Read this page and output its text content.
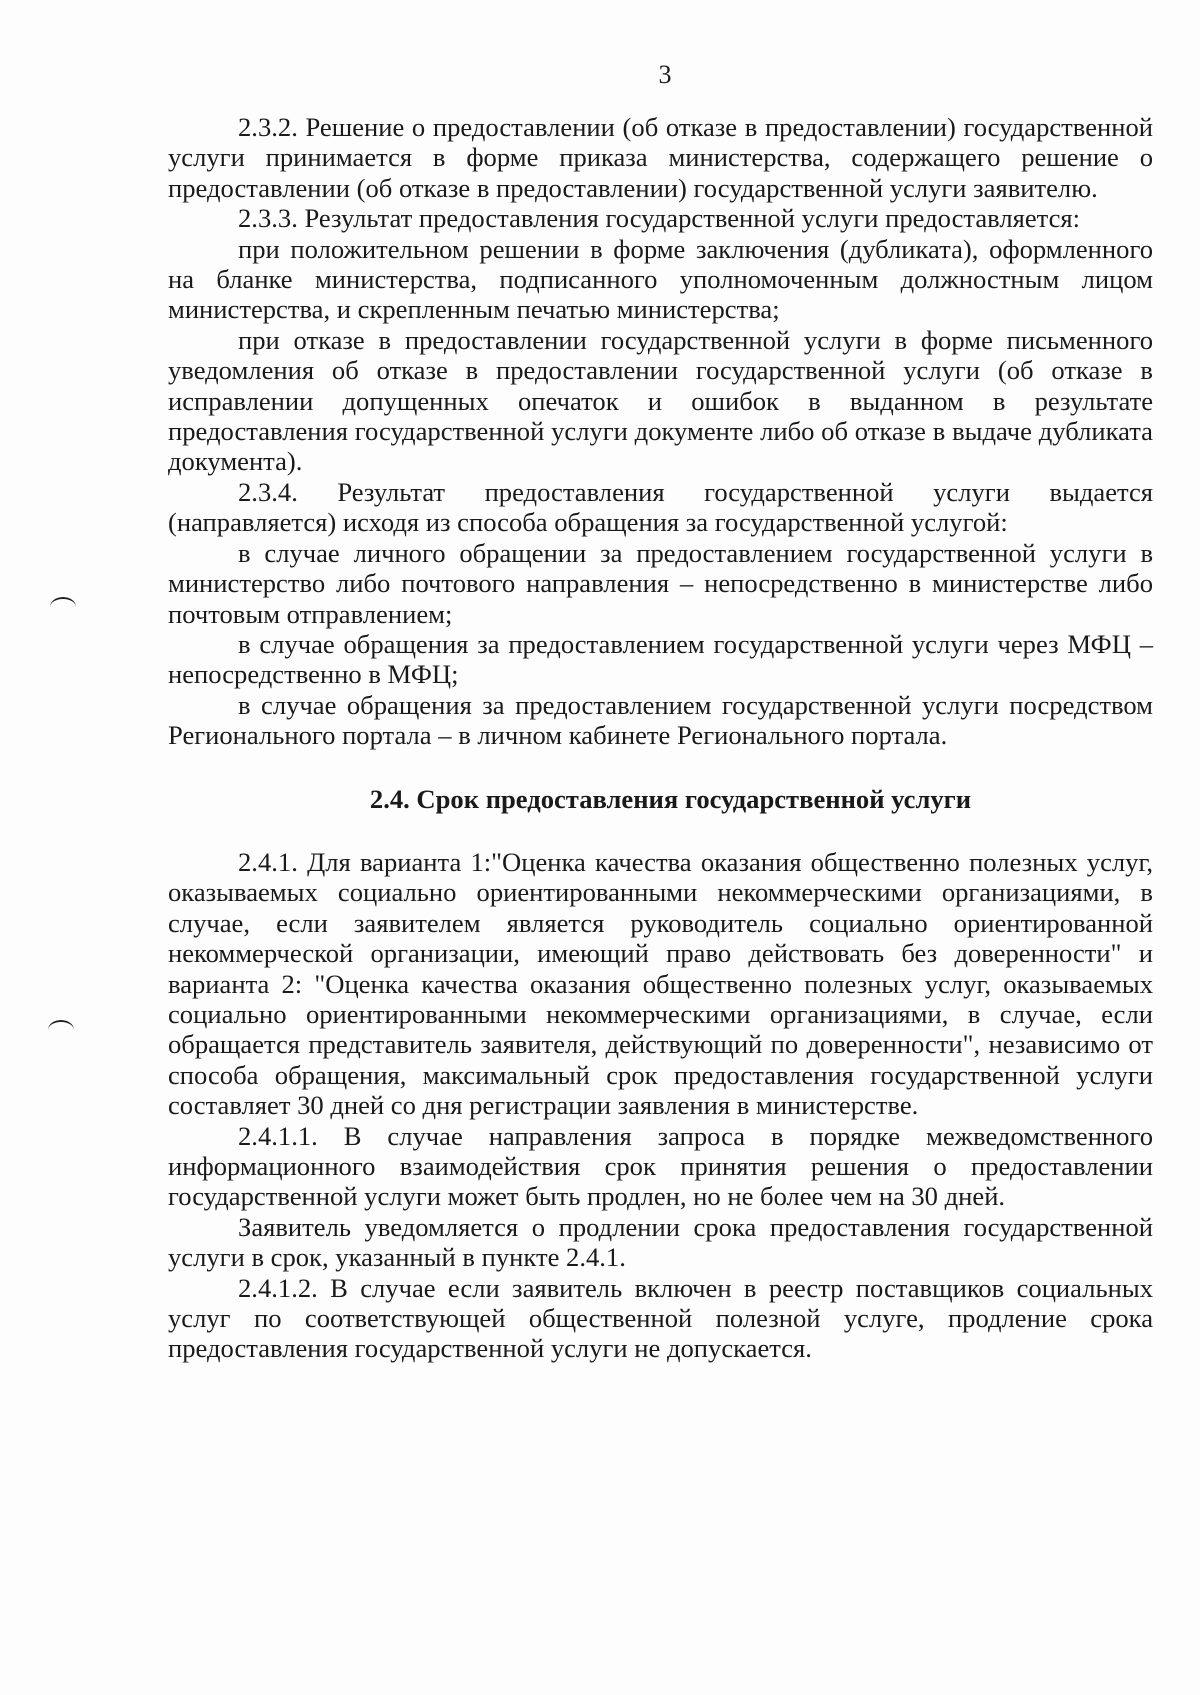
3

2.3.2. Решение о предоставлении (об отказе в предоставлении) государственной услуги принимается в форме приказа министерства, содержащего решение о предоставлении (об отказе в предоставлении) государственной услуги заявителю.

2.3.3. Результат предоставления государственной услуги предоставляется:

при положительном решении в форме заключения (дубликата), оформленного на бланке министерства, подписанного уполномоченным должностным лицом министерства, и скрепленным печатью министерства;

при отказе в предоставлении государственной услуги в форме письменного уведомления об отказе в предоставлении государственной услуги (об отказе в исправлении допущенных опечаток и ошибок в выданном в результате предоставления государственной услуги документе либо об отказе в выдаче дубликата документа).

2.3.4. Результат предоставления государственной услуги выдается (направляется) исходя из способа обращения за государственной услугой:

в случае личного обращении за предоставлением государственной услуги в министерство либо почтового направления – непосредственно в министерстве либо почтовым отправлением;

в случае обращения за предоставлением государственной услуги через МФЦ – непосредственно в МФЦ;

в случае обращения за предоставлением государственной услуги посредством Регионального портала – в личном кабинете Регионального портала.

2.4. Срок предоставления государственной услуги

2.4.1. Для варианта 1:"Оценка качества оказания общественно полезных услуг, оказываемых социально ориентированными некоммерческими организациями, в случае, если заявителем является руководитель социально ориентированной некоммерческой организации, имеющий право действовать без доверенности" и варианта 2: "Оценка качества оказания общественно полезных услуг, оказываемых социально ориентированными некоммерческими организациями, в случае, если обращается представитель заявителя, действующий по доверенности", независимо от способа обращения, максимальный срок предоставления государственной услуги составляет 30 дней со дня регистрации заявления в министерстве.

2.4.1.1. В случае направления запроса в порядке межведомственного информационного взаимодействия срок принятия решения о предоставлении государственной услуги может быть продлен, но не более чем на 30 дней.

Заявитель уведомляется о продлении срока предоставления государственной услуги в срок, указанный в пункте 2.4.1.

2.4.1.2. В случае если заявитель включен в реестр поставщиков социальных услуг по соответствующей общественной полезной услуге, продление срока предоставления государственной услуги не допускается.
